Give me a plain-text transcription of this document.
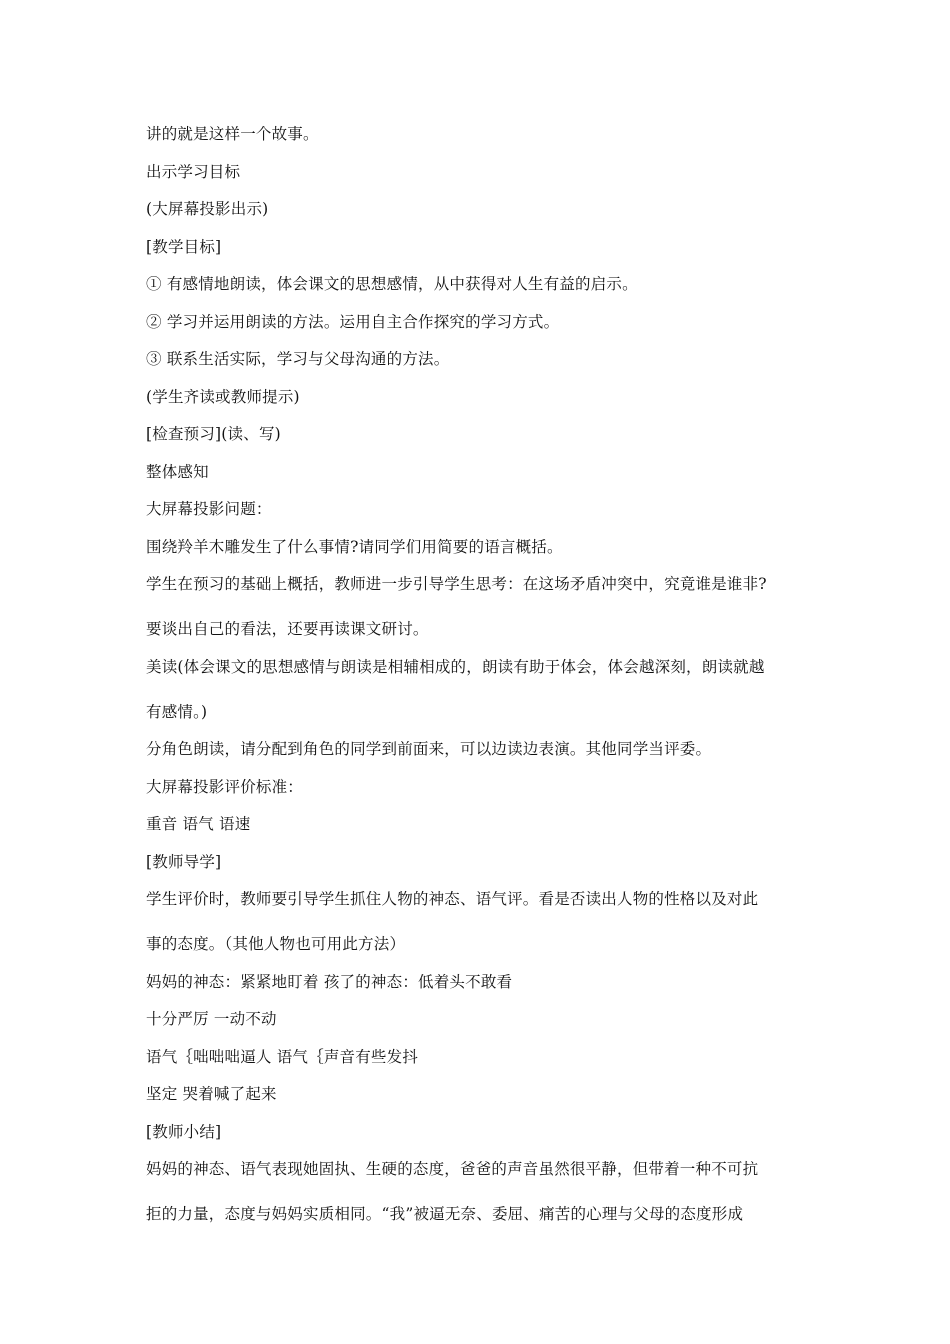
讲的就是这样一个故事。
出示学习目标
(大屏幕投影出示)
[教学目标]
① 有感情地朗读，体会课文的思想感情，从中获得对人生有益的启示。
② 学习并运用朗读的方法。运用自主合作探究的学习方式。
③ 联系生活实际，学习与父母沟通的方法。
(学生齐读或教师提示)
[检查预习](读、写)
整体感知
大屏幕投影问题：
围绕羚羊木雕发生了什么事情?请同学们用简要的语言概括。
学生在预习的基础上概括，教师进一步引导学生思考：在这场矛盾冲突中，究竟谁是谁非?
要谈出自己的看法，还要再读课文研讨。
美读(体会课文的思想感情与朗读是相辅相成的，朗读有助于体会，体会越深刻，朗读就越
有感情。)
分角色朗读，请分配到角色的同学到前面来，可以边读边表演。其他同学当评委。
大屏幕投影评价标准：
重音 语气 语速
[教师导学]
学生评价时，教师要引导学生抓住人物的神态、语气评。看是否读出人物的性格以及对此
事的态度。（其他人物也可用此方法）
妈妈的神态：紧紧地盯着 孩了的神态：低着头不敢看
十分严厉 一动不动
语气｛咄咄咄逼人 语气｛声音有些发抖
坚定 哭着喊了起来
[教师小结]
妈妈的神态、语气表现她固执、生硬的态度，爸爸的声音虽然很平静，但带着一种不可抗
拒的力量，态度与妈妈实质相同。“我”被逼无奈、委屈、痛苦的心理与父母的态度形成
